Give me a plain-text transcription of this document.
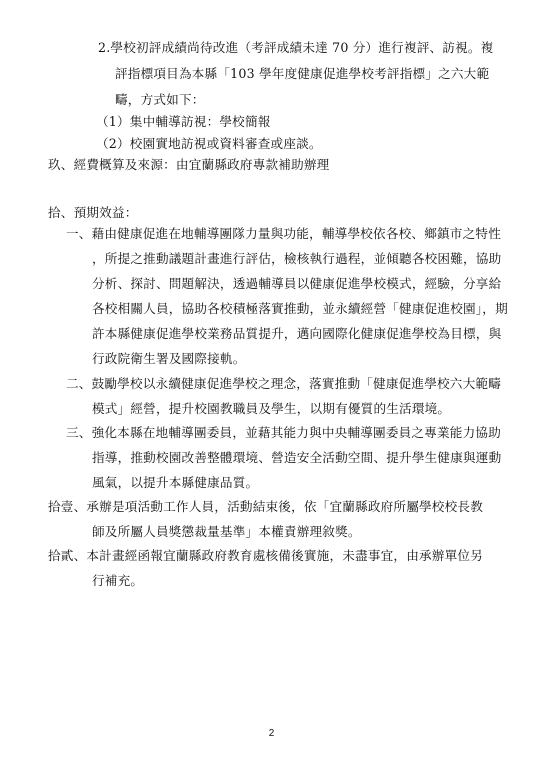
2.學校初評成績尚待改進（考評成績未達 70 分）進行複評、訪視。複
評指標項目為本縣「103 學年度健康促進學校考評指標」之六大範
疇，方式如下：
（1）集中輔導訪視：學校簡報
（2）校園實地訪視或資料審查或座談。
玖、經費概算及來源：由宜蘭縣政府專款補助辦理
拾、預期效益：
一、藉由健康促進在地輔導團隊力量與功能，輔導學校依各校、鄉鎮市之特性
，所提之推動議題計畫進行評估，檢核執行過程，並傾聽各校困難，協助
分析、探討、問題解決，透過輔導員以健康促進學校模式，經驗，分享給
各校相關人員，協助各校積極落實推動，並永續經營「健康促進校園」，期
許本縣健康促進學校業務品質提升，邁向國際化健康促進學校為目標，與
行政院衛生署及國際接軌。
二、鼓勵學校以永續健康促進學校之理念，落實推動「健康促進學校六大範疇
模式」經營，提升校園教職員及學生，以期有優質的生活環境。
三、強化本縣在地輔導團委員，並藉其能力與中央輔導團委員之專業能力協助
指導，推動校園改善整體環境、營造安全活動空間、提升學生健康與運動
風氣，以提升本縣健康品質。
拾壹、承辦是項活動工作人員，活動結束後，依「宜蘭縣政府所屬學校校長教
師及所屬人員獎懲裁量基準」本權責辦理敘獎。
拾貳、本計畫經函報宜蘭縣政府教育處核備後實施，未盡事宜，由承辦單位另
行補充。
2
